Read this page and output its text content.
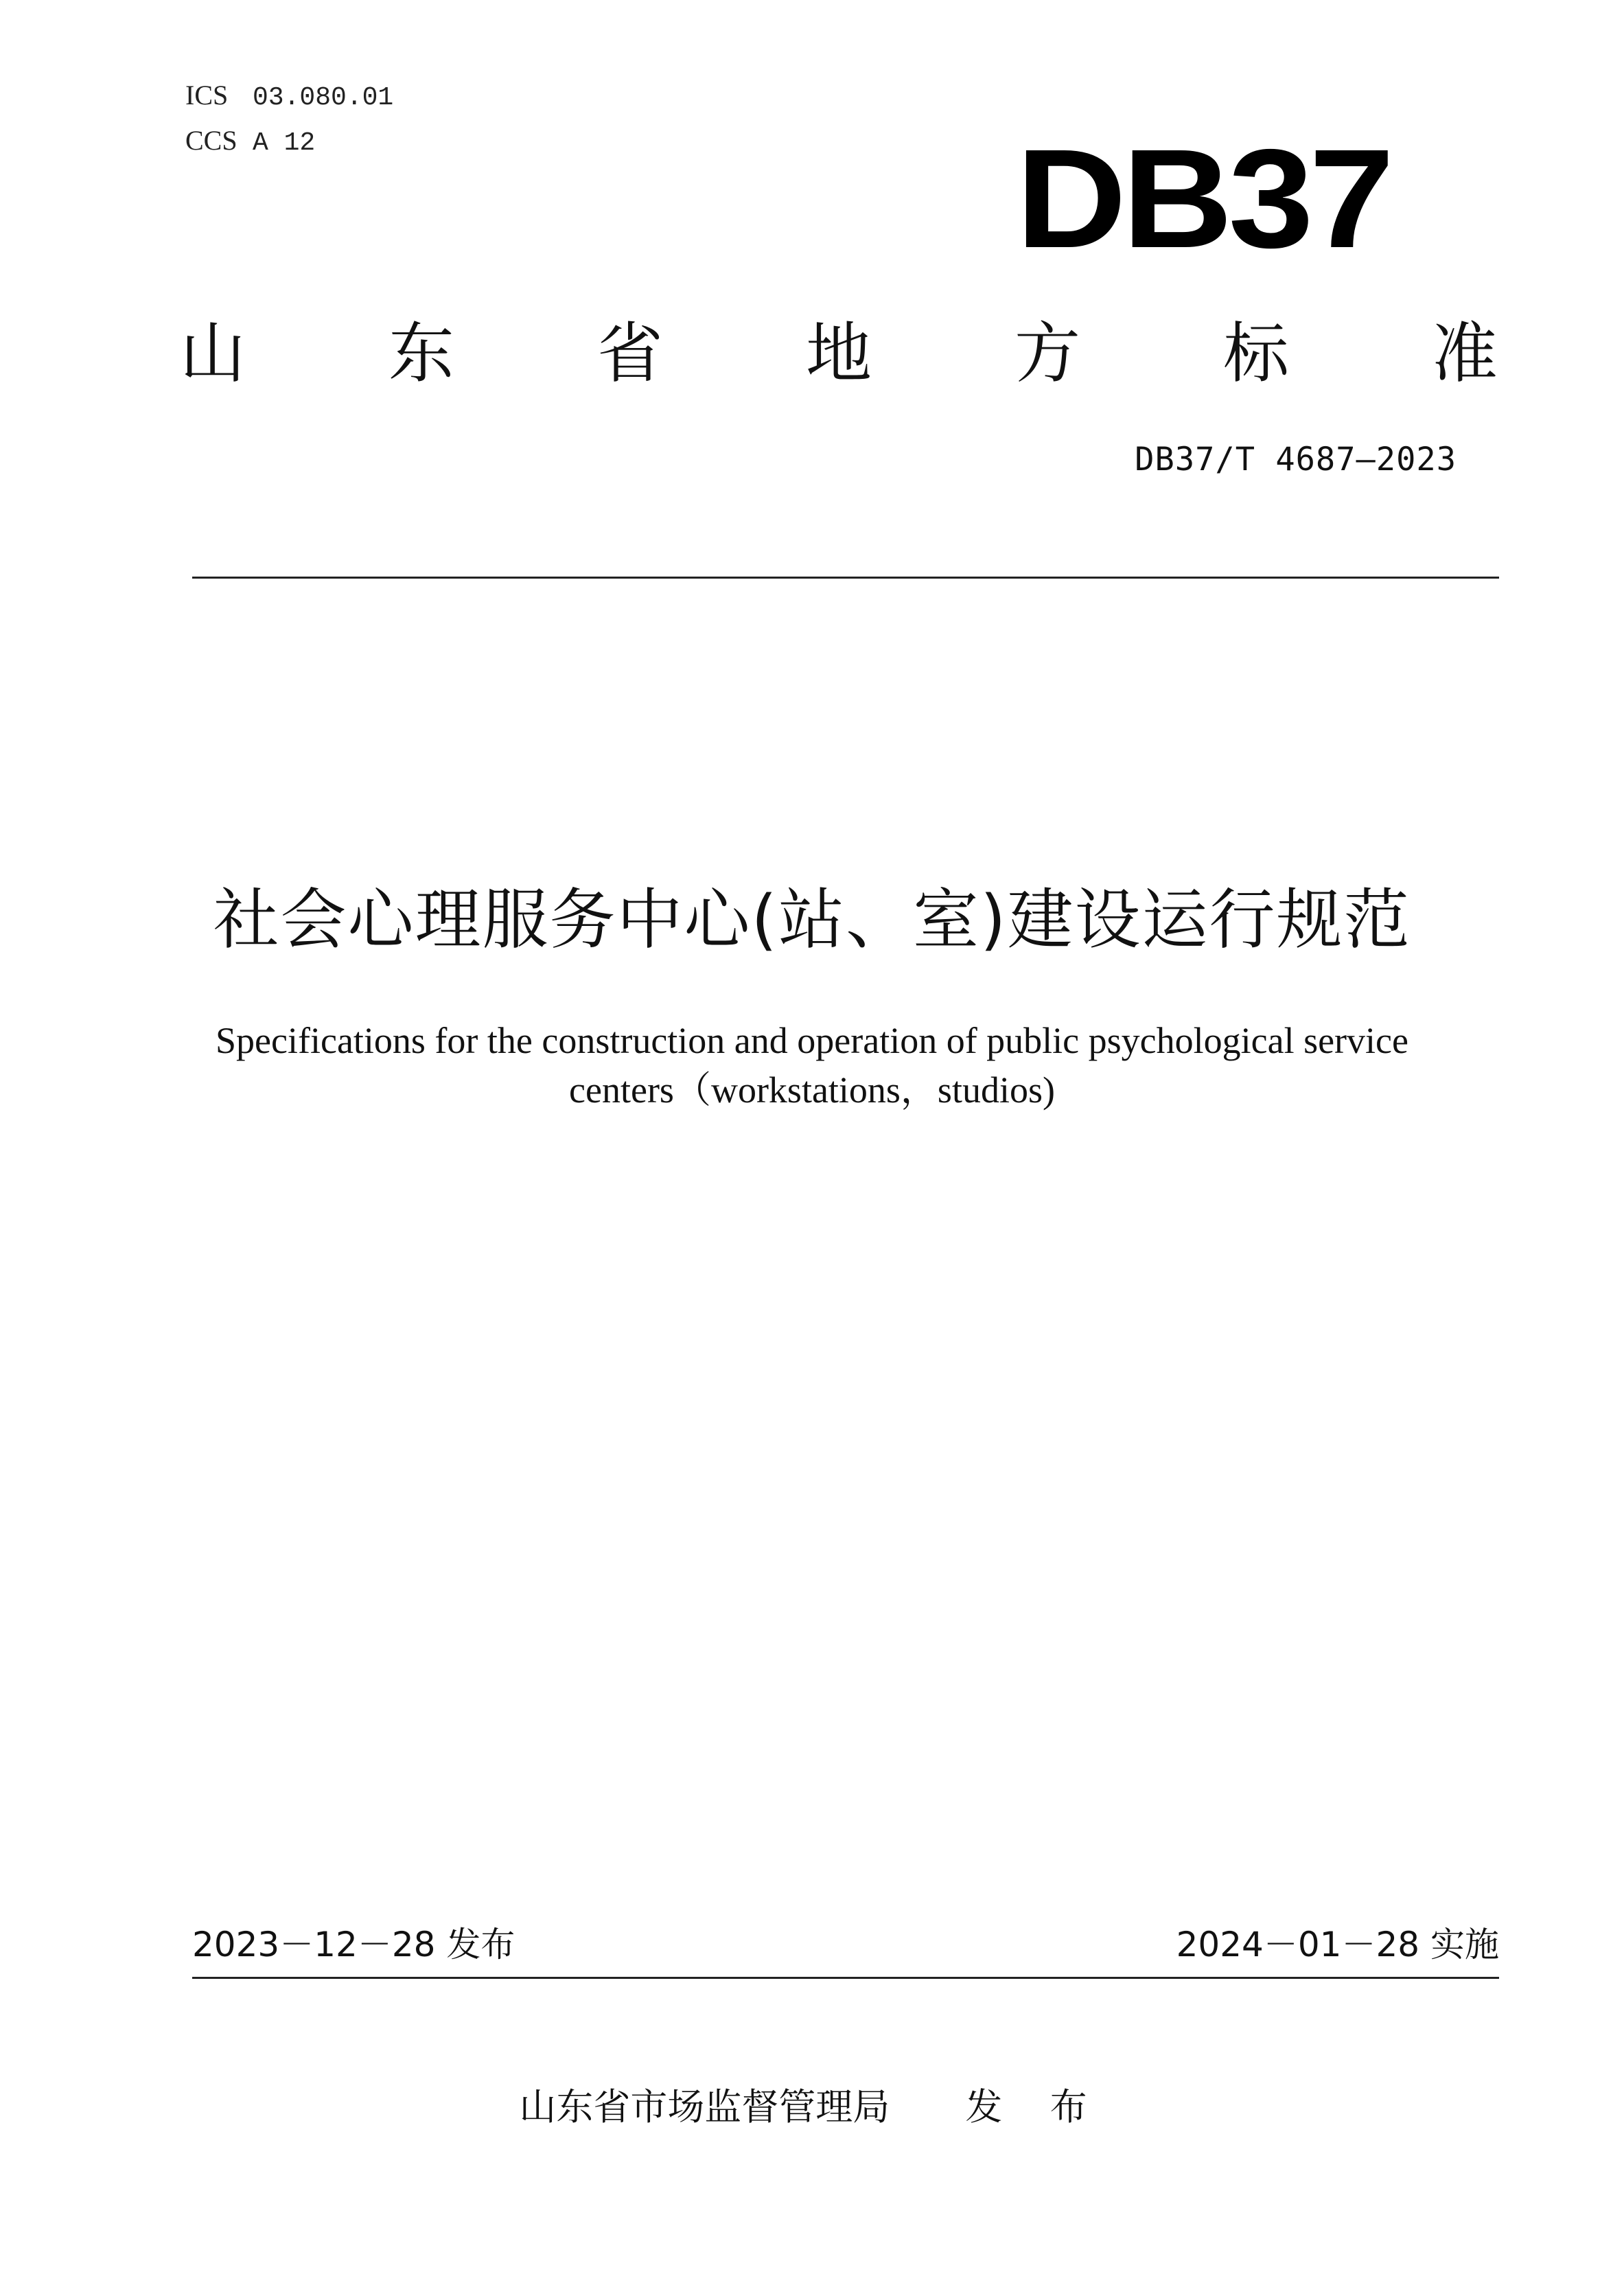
ICS 03.080.01
CCS A 12	DB37
山 东 省 地 方 标 准
DB37/T 4687—2023
社会心理服务中心(站、室)建设运行规范
Specifications for the construction and operation of public psychological service
centers（workstations，studios)
2023－12－28 发布	2024－01－28 实施
山东省市场监督管理局 发 布
